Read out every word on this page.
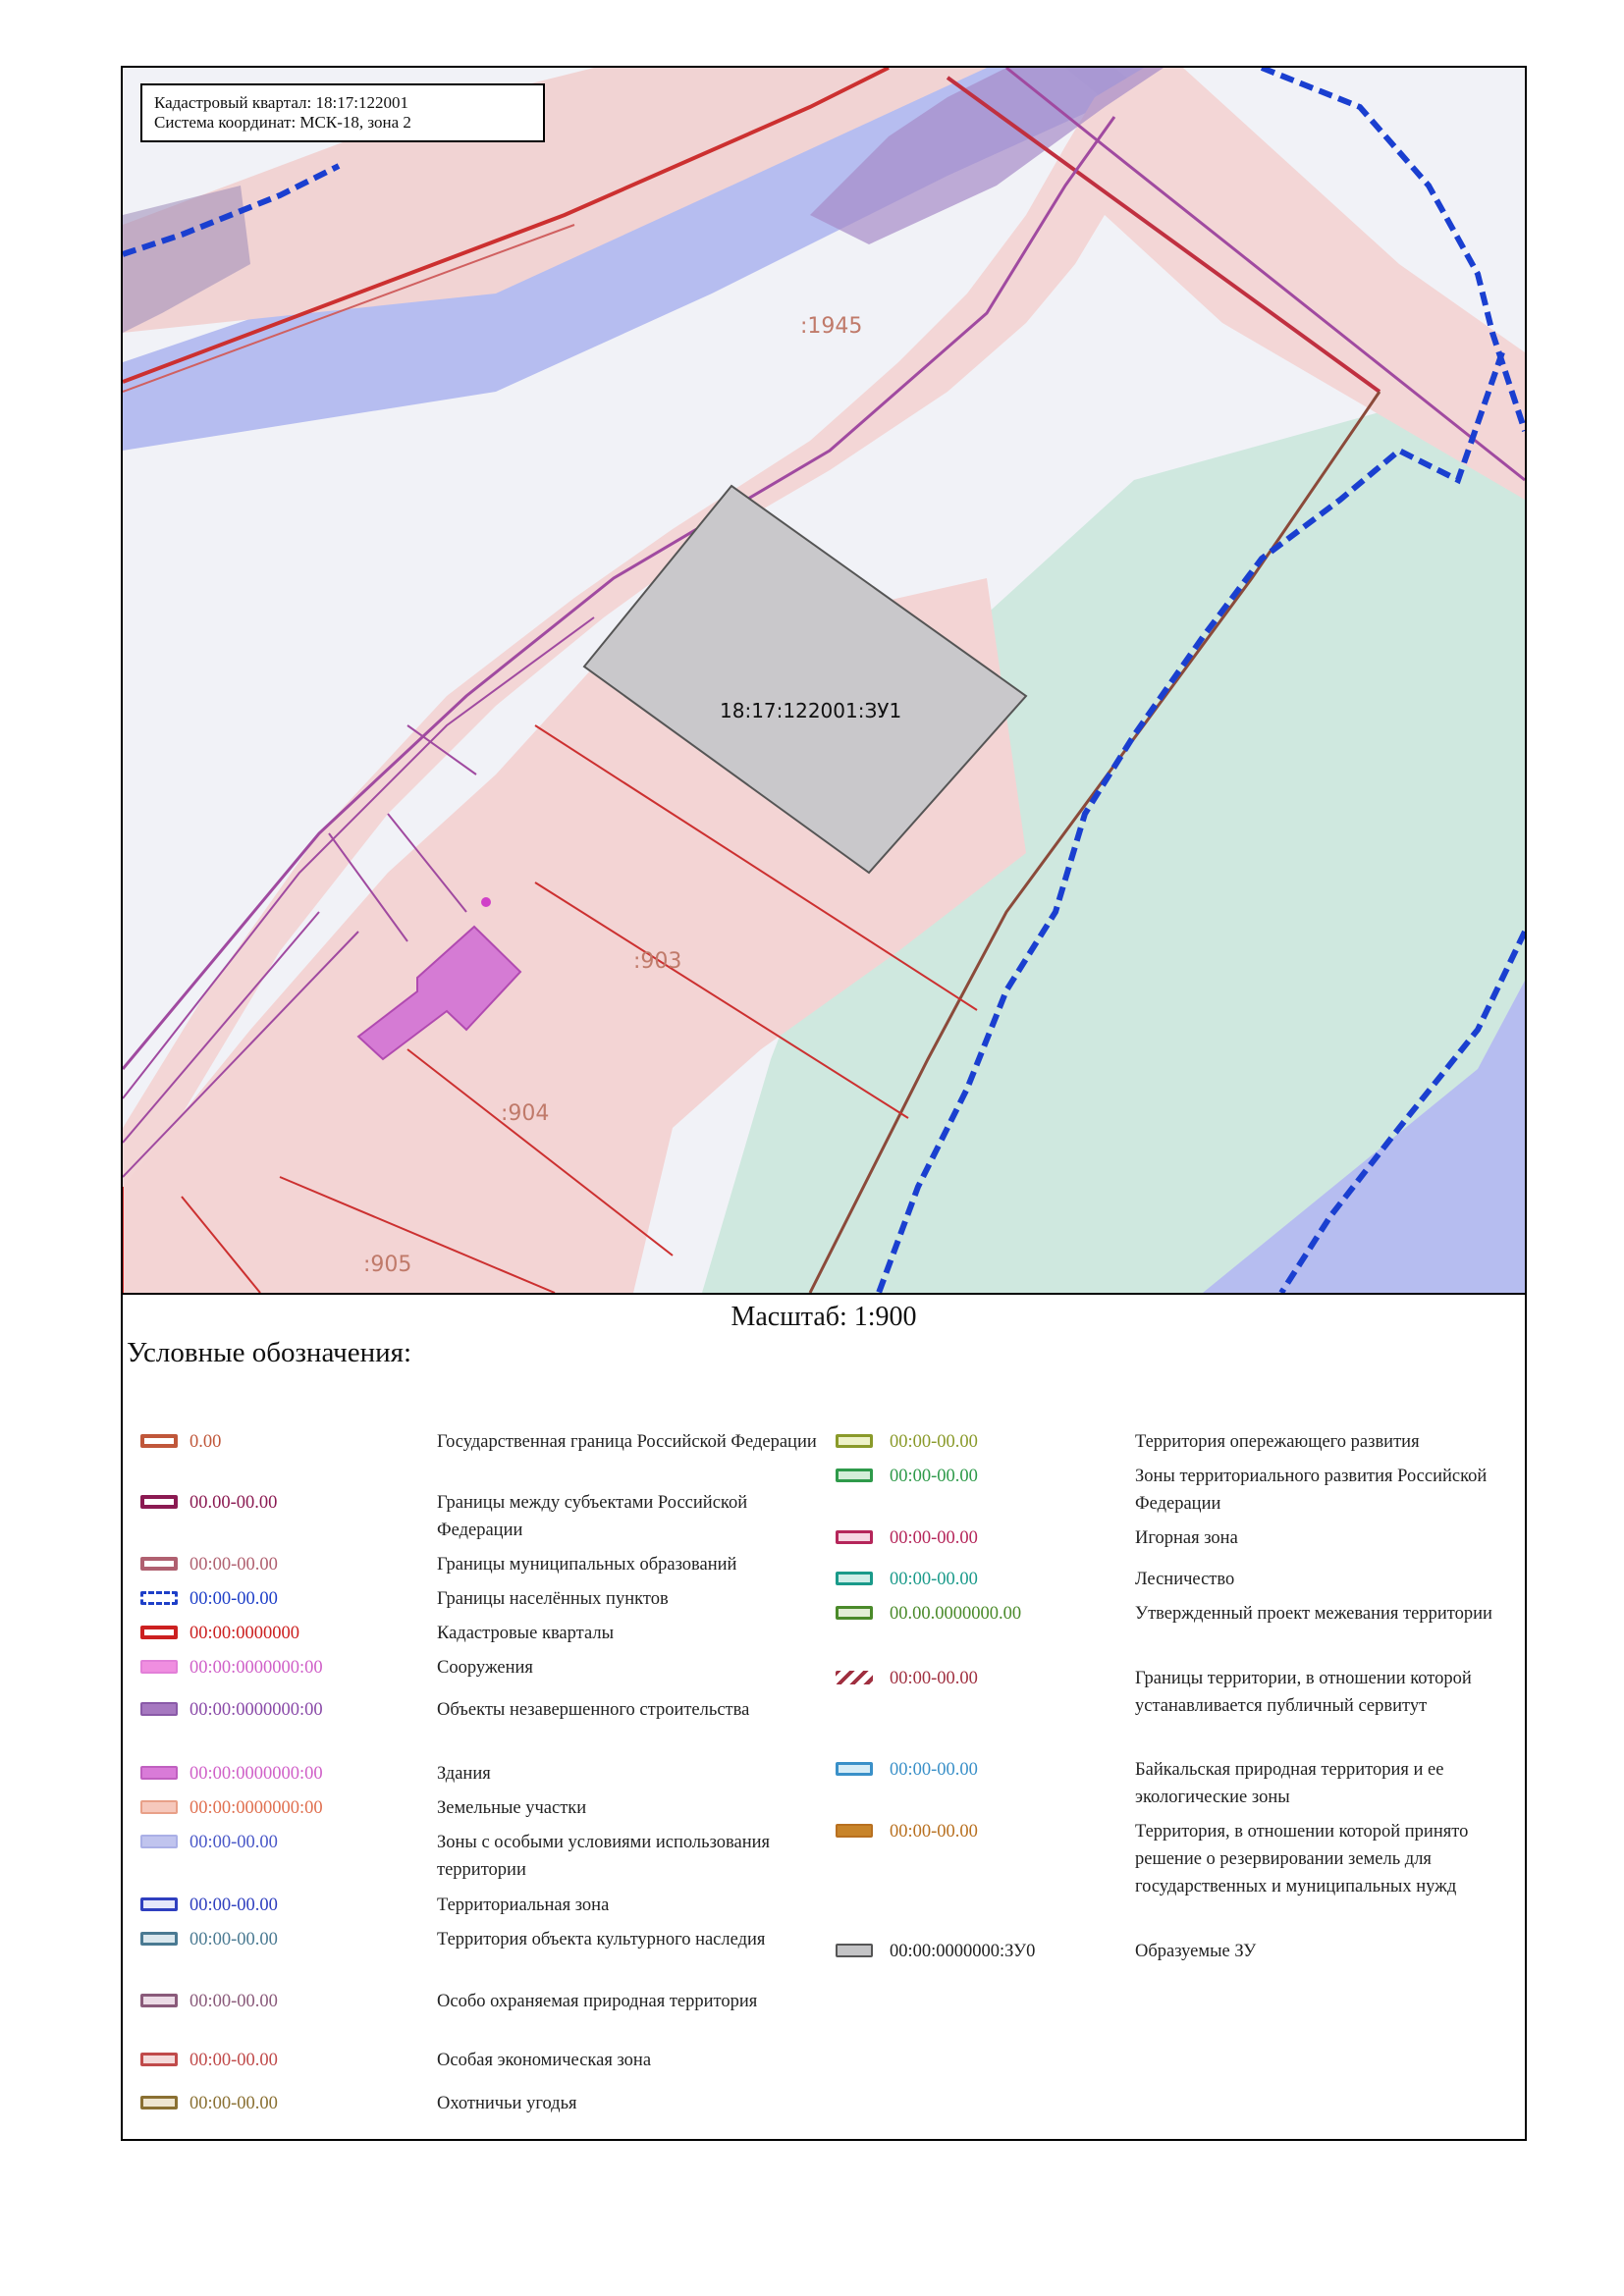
:1945
:903
:904
:905
18:17:122001:ЗУ1
Кадастровый квартал: 18:17:122001
Система координат: МСК-18, зона 2
Масштаб: 1:900
Условные обозначения:
0.00	Государственная граница Российской Федерации
00.00-00.00	Границы между субъектами Российской Федерации
00:00-00.00	Границы муниципальных образований
00:00-00.00	Границы населённых пунктов
00:00:0000000	Кадастровые кварталы
00:00:0000000:00	Сооружения
00:00:0000000:00	Объекты незавершенного строительства
00:00:0000000:00	Здания
00:00:0000000:00	Земельные участки
00:00-00.00	Зоны с особыми условиями использования территории
00:00-00.00	Территориальная зона
00:00-00.00	Территория объекта культурного наследия
00:00-00.00	Особо охраняемая природная территория
00:00-00.00	Особая экономическая зона
00:00-00.00	Охотничьи угодья
00:00-00.00	Территория опережающего развития
00:00-00.00	Зоны территориального развития Российской Федерации
00:00-00.00	Игорная зона
00:00-00.00	Лесничество
00.00.0000000.00	Утвержденный проект межевания территории
00:00-00.00	Границы территории, в отношении которой устанавливается публичный сервитут
00:00-00.00	Байкальская природная территория и ее экологические зоны
00:00-00.00	Территория, в отношении которой принято решение о резервировании земель для государственных и муниципальных нужд
00:00:0000000:ЗУ0	Образуемые ЗУ
